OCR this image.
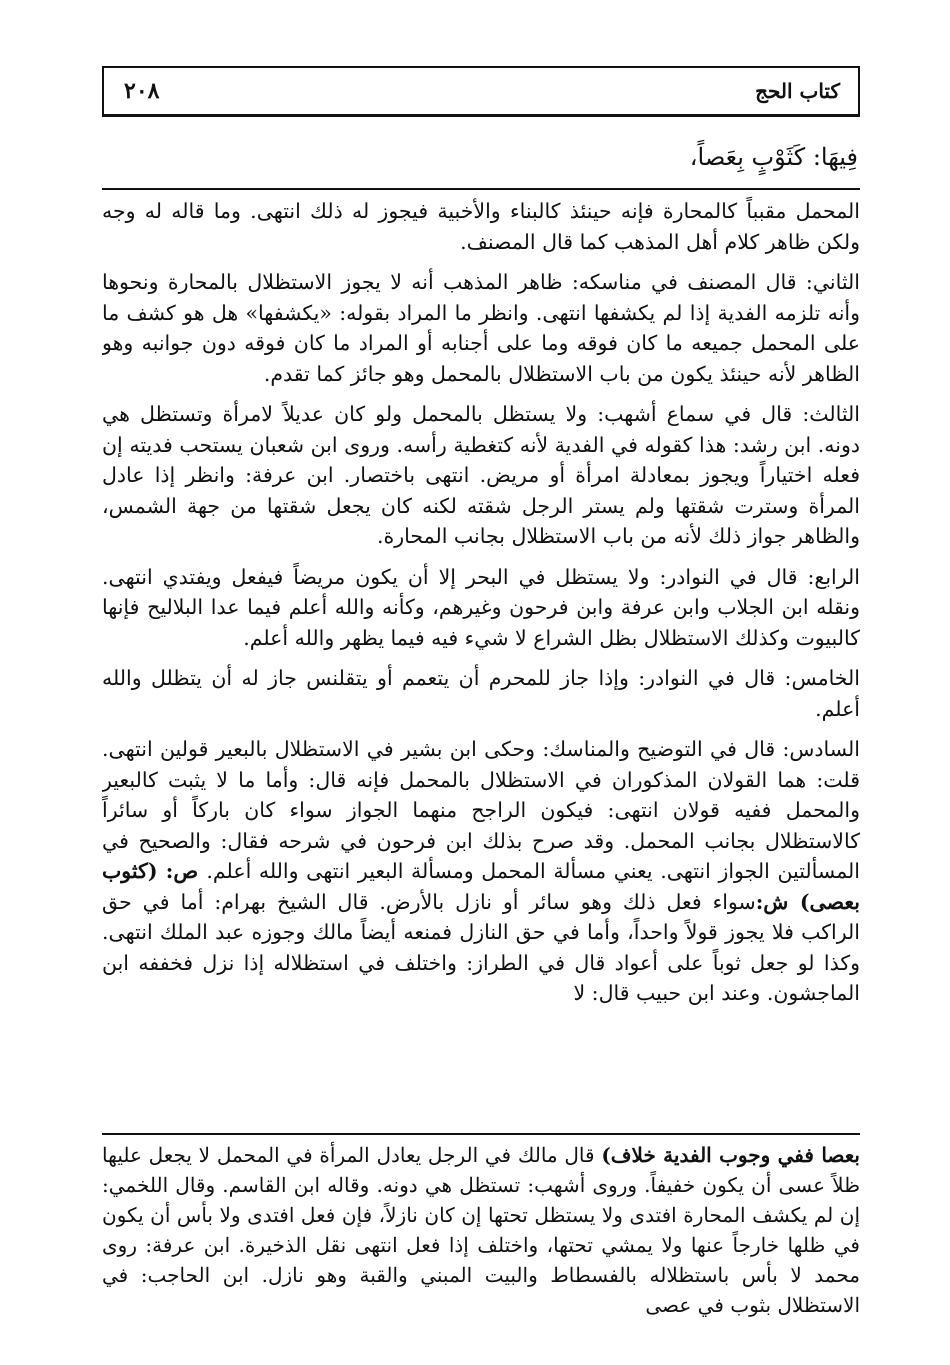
٢٠٨	كتاب الحج
فِيهَا: كَثَوْبٍ بِعَصاً،

المحمل مقبباً كالمحارة فإنه حينئذ كالبناء والأخبية فيجوز له ذلك انتهى. وما قاله له وجه ولكن ظاهر كلام أهل المذهب كما قال المصنف.

الثاني: قال المصنف في مناسكه: ظاهر المذهب أنه لا يجوز الاستظلال بالمحارة ونحوها وأنه تلزمه الفدية إذا لم يكشفها انتهى. وانظر ما المراد بقوله: «يكشفها» هل هو كشف ما على المحمل جميعه ما كان فوقه وما على أجنابه أو المراد ما كان فوقه دون جوانبه وهو الظاهر لأنه حينئذ يكون من باب الاستظلال بالمحمل وهو جائز كما تقدم.

الثالث: قال في سماع أشهب: ولا يستظل بالمحمل ولو كان عديلاً لامرأة وتستظل هي دونه. ابن رشد: هذا كقوله في الفدية لأنه كتغطية رأسه. وروى ابن شعبان يستحب فديته إن فعله اختياراً ويجوز بمعادلة امرأة أو مريض. انتهى باختصار. ابن عرفة: وانظر إذا عادل المرأة وسترت شقتها ولم يستر الرجل شقته لكنه كان يجعل شقتها من جهة الشمس، والظاهر جواز ذلك لأنه من باب الاستظلال بجانب المحارة.

الرابع: قال في النوادر: ولا يستظل في البحر إلا أن يكون مريضاً فيفعل ويفتدي انتهى. ونقله ابن الجلاب وابن عرفة وابن فرحون وغيرهم، وكأنه والله أعلم فيما عدا البلاليح فإنها كالبيوت وكذلك الاستظلال بظل الشراع لا شيء فيه فيما يظهر والله أعلم.

الخامس: قال في النوادر: وإذا جاز للمحرم أن يتعمم أو يتقلنس جاز له أن يتظلل والله أعلم.

السادس: قال في التوضيح والمناسك: وحكى ابن بشير في الاستظلال بالبعير قولين انتهى. قلت: هما القولان المذكوران في الاستظلال بالمحمل فإنه قال: وأما ما لا يثبت كالبعير والمحمل ففيه قولان انتهى: فيكون الراجح منهما الجواز سواء كان باركاً أو سائراً كالاستظلال بجانب المحمل. وقد صرح بذلك ابن فرحون في شرحه فقال: والصحيح في المسألتين الجواز انتهى. يعني مسألة المحمل ومسألة البعير انتهى والله أعلم. ص: (كثوب بعصى) ش:سواء فعل ذلك وهو سائر أو نازل بالأرض. قال الشيخ بهرام: أما في حق الراكب فلا يجوز قولاً واحداً، وأما في حق النازل فمنعه أيضاً مالك وجوزه عبد الملك انتهى. وكذا لو جعل ثوباً على أعواد قال في الطراز: واختلف في استظلاله إذا نزل فخففه ابن الماجشون. وعند ابن حبيب قال: لا

بعصا ففي وجوب الفدية خلاف) قال مالك في الرجل يعادل المرأة في المحمل لا يجعل عليها ظلاً عسى أن يكون خفيفاً. وروى أشهب: تستظل هي دونه. وقاله ابن القاسم. وقال اللخمي: إن لم يكشف المحارة افتدى ولا يستظل تحتها إن كان نازلاً، فإن فعل افتدى ولا بأس أن يكون في ظلها خارجاً عنها ولا يمشي تحتها، واختلف إذا فعل انتهى نقل الذخيرة. ابن عرفة: روى محمد لا بأس باستظلاله بالفسطاط والبيت المبني والقبة وهو نازل. ابن الحاجب: في الاستظلال بثوب في عصى
